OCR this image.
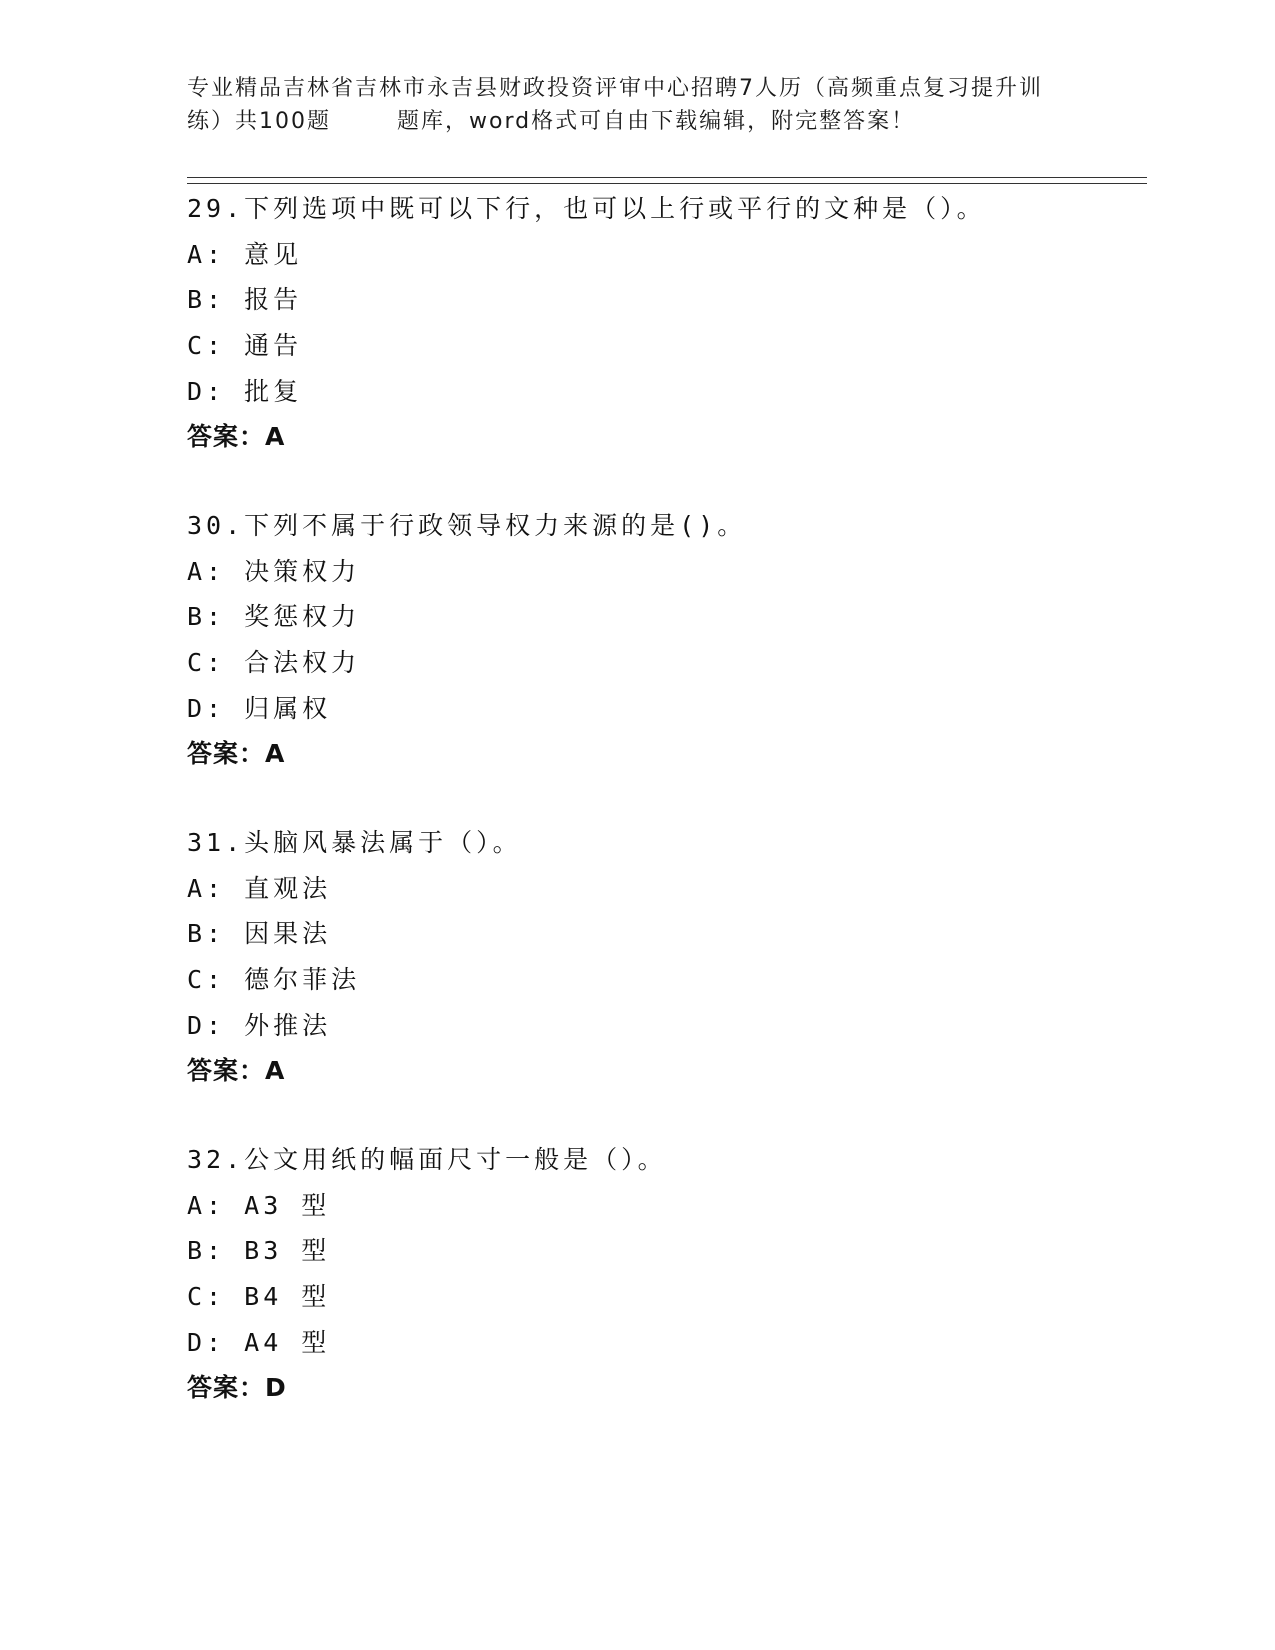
专业精品吉林省吉林市永吉县财政投资评审中心招聘7人历（高频重点复习提升训
练）共100题	题库，word格式可自由下载编辑，附完整答案！
29.下列选项中既可以下行，也可以上行或平行的文种是（）。
A: 意见
B: 报告
C: 通告
D: 批复
答案：A
30.下列不属于行政领导权力来源的是()。
A: 决策权力
B: 奖惩权力
C: 合法权力
D: 归属权
答案：A
31.头脑风暴法属于（）。
A: 直观法
B: 因果法
C: 德尔菲法
D: 外推法
答案：A
32.公文用纸的幅面尺寸一般是（）。
A: A3 型
B: B3 型
C: B4 型
D: A4 型
答案：D
